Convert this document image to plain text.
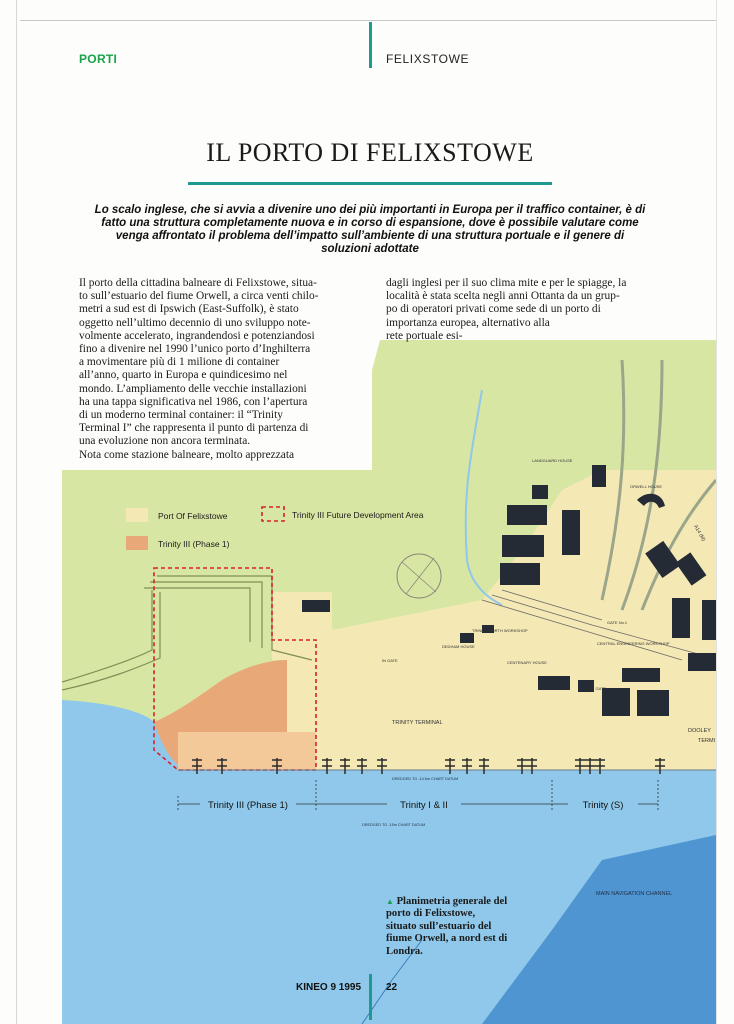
PORTI	FELIXSTOWE
IL PORTO DI FELIXSTOWE
Lo scalo inglese, che si avvia a divenire uno dei più importanti in Europa per il traffico container, è di fatto una struttura completamente nuova e in corso di espansione, dove è possibile valutare come venga affrontato il problema dell’impatto sull’ambiente di una struttura portuale e il genere di soluzioni adottate
Trinity III (Phase 1)	Trinity I & II	Trinity (S)
TRINITY TERMINAL
DOOLEY
TERMI
MAIN NAVIGATION CHANNEL
GATE No.1
CENTRAL ENGINEERING WORKSHOP
TRINITY NORTH WORKSHOP
CENTENARY HOUSE
DEDHAM HOUSE
IN GATE
OUT GATE
LANDGUARD HOUSE
ORWELL HOUSE
A14 (M)
DREDGED TO -14.5m CHART DATUM
DREDGED TO -15m CHART DATUM
Port Of Felixstowe
Trinity III (Phase 1)
Trinity III Future Development Area
Il porto della cittadina balneare di Felixstowe, situa-
to sull’estuario del fiume Orwell, a circa venti chilo-
metri a sud est di Ipswich (East-Suffolk), è stato
oggetto nell’ultimo decennio di uno sviluppo note-
volmente accelerato, ingrandendosi e potenziandosi
fino a divenire nel 1990 l’unico porto d’Inghilterra
a movimentare più di 1 milione di container
all’anno, quarto in Europa e quindicesimo nel
mondo. L’ampliamento delle vecchie installazioni
ha una tappa significativa nel 1986, con l’apertura
di un moderno terminal container: il “Trinity
Terminal I” che rappresenta il punto di partenza di
una evoluzione non ancora terminata.
Nota come stazione balneare, molto apprezzata
dagli inglesi per il suo clima mite e per le spiagge, la
località è stata scelta negli anni Ottanta da un grup-
po di operatori privati come sede di un porto di
importanza europea, alternativo alla
rete portuale esi-
▲ Planimetria generale del porto di Felixstowe, situato sull’estuario del fiume Orwell, a nord est di Londra.
KINEO 9 1995 22
